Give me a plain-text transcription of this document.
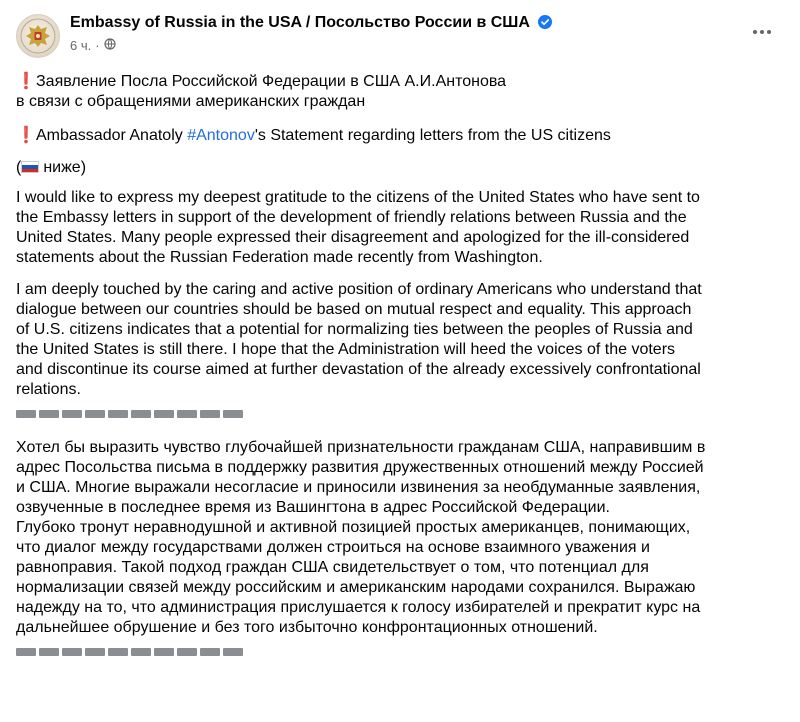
Embassy of Russia in the USA / Посольство России в США
6 ч. ·
❗Заявление Посла Российской Федерации в США А.И.Антонова
в связи с обращениями американских граждан
❗Ambassador Anatoly #Antonov's Statement regarding letters from the US citizens
( ниже)
I would like to express my deepest gratitude to the citizens of the United States who have sent to
the Embassy letters in support of the development of friendly relations between Russia and the
United States. Many people expressed their disagreement and apologized for the ill-considered
statements about the Russian Federation made recently from Washington.
I am deeply touched by the caring and active position of ordinary Americans who understand that
dialogue between our countries should be based on mutual respect and equality. This approach
of U.S. citizens indicates that a potential for normalizing ties between the peoples of Russia and
the United States is still there. I hope that the Administration will heed the voices of the voters
and discontinue its course aimed at further devastation of the already excessively confrontational
relations.
Хотел бы выразить чувство глубочайшей признательности гражданам США, направившим в
адрес Посольства письма в поддержку развития дружественных отношений между Россией
и США. Многие выражали несогласие и приносили извинения за необдуманные заявления,
озвученные в последнее время из Вашингтона в адрес Российской Федерации.
Глубоко тронут неравнодушной и активной позицией простых американцев, понимающих,
что диалог между государствами должен строиться на основе взаимного уважения и
равноправия. Такой подход граждан США свидетельствует о том, что потенциал для
нормализации связей между российским и американским народами сохранился. Выражаю
надежду на то, что администрация прислушается к голосу избирателей и прекратит курс на
дальнейшее обрушение и без того избыточно конфронтационных отношений.
